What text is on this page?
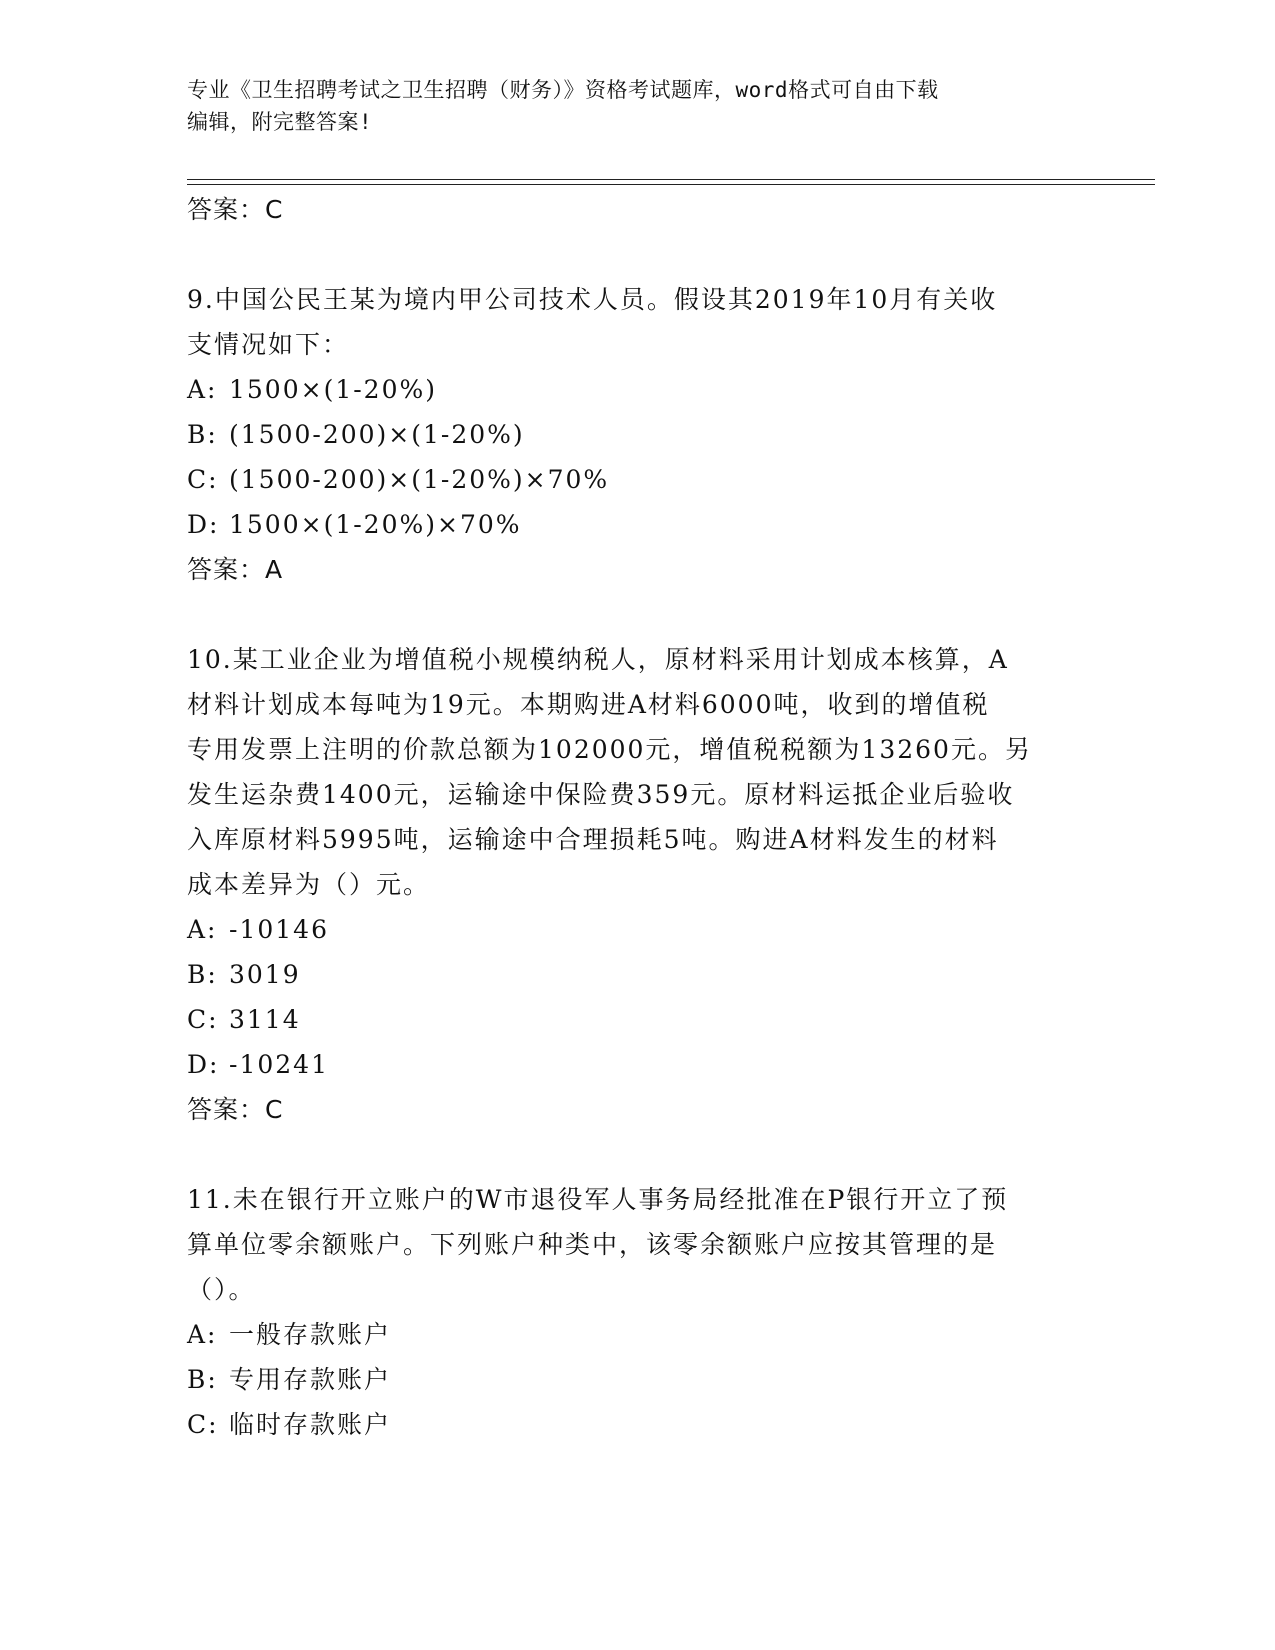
专业《卫生招聘考试之卫生招聘（财务）》资格考试题库，word格式可自由下载
编辑，附完整答案!
答案：C
9.中国公民王某为境内甲公司技术人员。假设其2019年10月有关收
支情况如下：
A: 1500×(1-20%)
B: (1500-200)×(1-20%)
C: (1500-200)×(1-20%)×70%
D: 1500×(1-20%)×70%
答案：A
10.某工业企业为增值税小规模纳税人，原材料采用计划成本核算，A
材料计划成本每吨为19元。本期购进A材料6000吨，收到的增值税
专用发票上注明的价款总额为102000元，增值税税额为13260元。另
发生运杂费1400元，运输途中保险费359元。原材料运抵企业后验收
入库原材料5995吨，运输途中合理损耗5吨。购进A材料发生的材料
成本差异为（）元。
A: -10146
B: 3019
C: 3114
D: -10241
答案：C
11.未在银行开立账户的W市退役军人事务局经批准在P银行开立了预
算单位零余额账户。下列账户种类中，该零余额账户应按其管理的是
（）。
A: 一般存款账户
B: 专用存款账户
C: 临时存款账户
